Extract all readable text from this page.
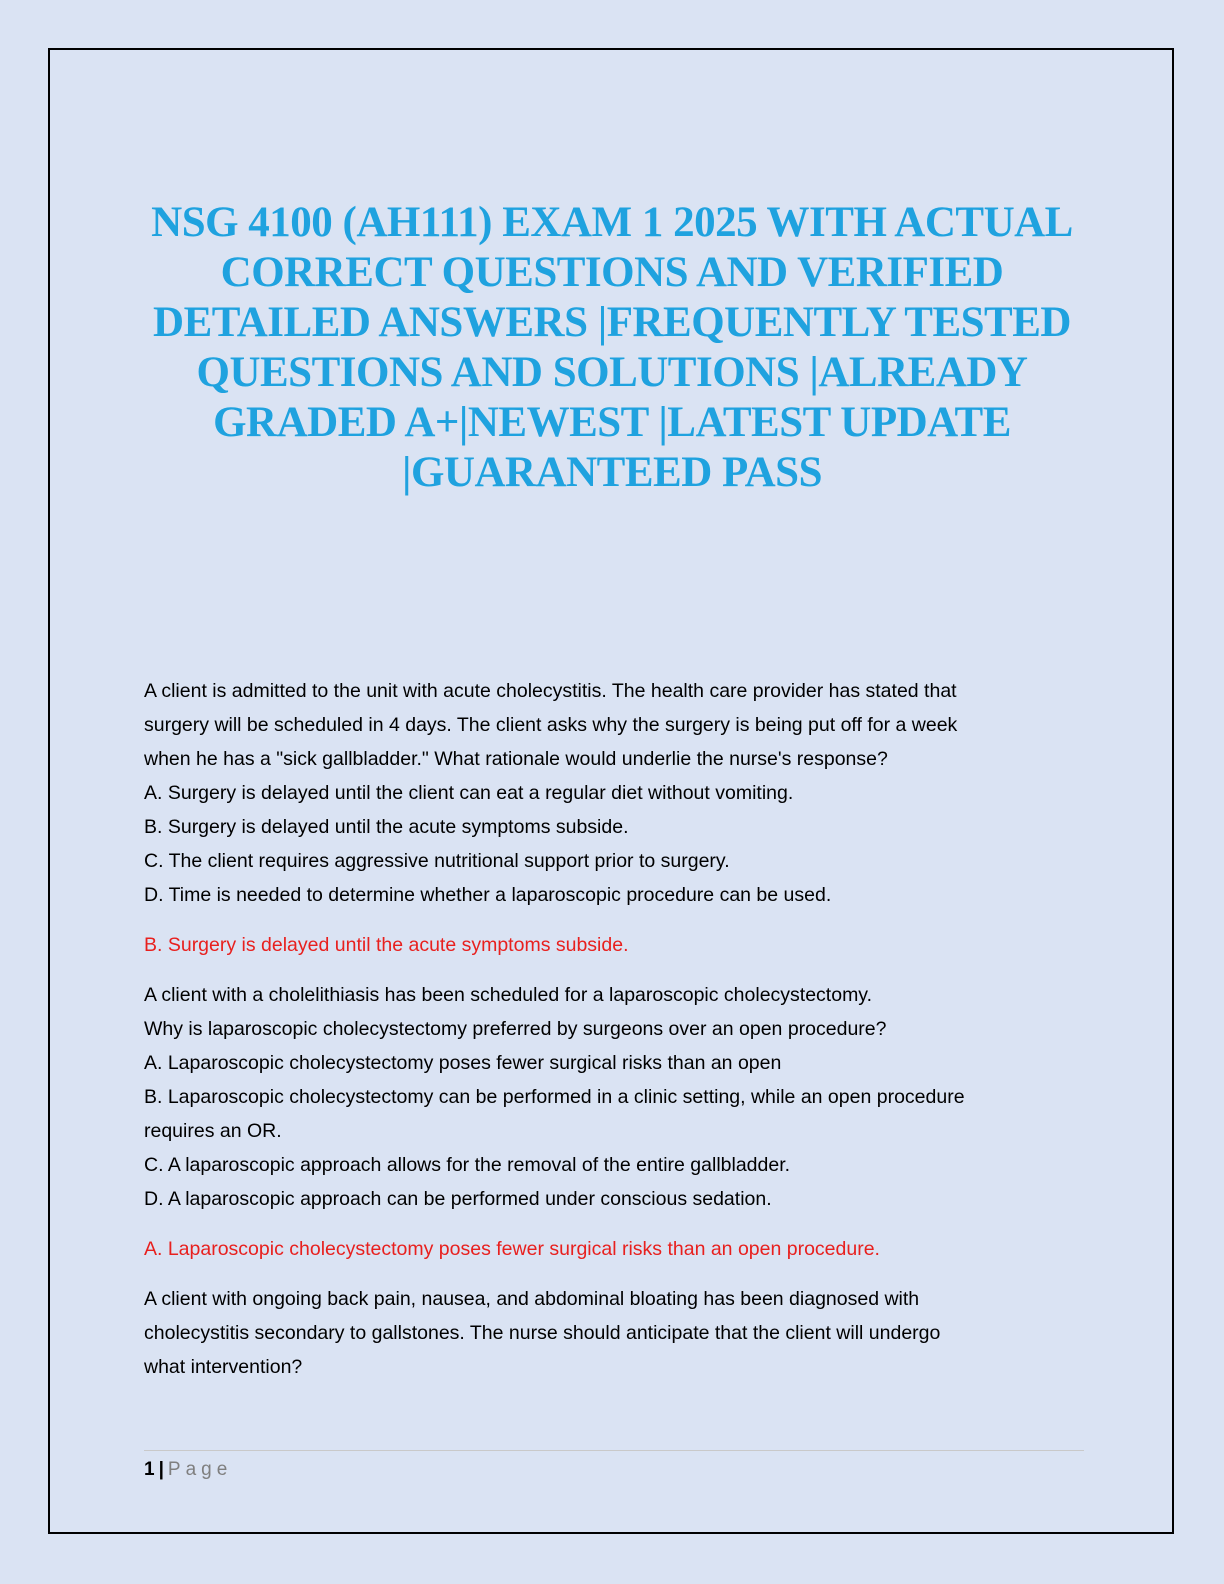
NSG 4100 (AH111) EXAM 1 2025 WITH ACTUAL CORRECT QUESTIONS AND VERIFIED DETAILED ANSWERS |FREQUENTLY TESTED QUESTIONS AND SOLUTIONS |ALREADY GRADED A+|NEWEST |LATEST UPDATE |GUARANTEED PASS

A client is admitted to the unit with acute cholecystitis. The health care provider has stated that

surgery will be scheduled in 4 days. The client asks why the surgery is being put off for a week

when he has a "sick gallbladder." What rationale would underlie the nurse's response?

A. Surgery is delayed until the client can eat a regular diet without vomiting.

B. Surgery is delayed until the acute symptoms subside.

C. The client requires aggressive nutritional support prior to surgery.

D. Time is needed to determine whether a laparoscopic procedure can be used.

B. Surgery is delayed until the acute symptoms subside.

A client with a cholelithiasis has been scheduled for a laparoscopic cholecystectomy.

Why is laparoscopic cholecystectomy preferred by surgeons over an open procedure?

A. Laparoscopic cholecystectomy poses fewer surgical risks than an open

B. Laparoscopic cholecystectomy can be performed in a clinic setting, while an open procedure

requires an OR.

C. A laparoscopic approach allows for the removal of the entire gallbladder.

D. A laparoscopic approach can be performed under conscious sedation.

A. Laparoscopic cholecystectomy poses fewer surgical risks than an open procedure.

A client with ongoing back pain, nausea, and abdominal bloating has been diagnosed with

cholecystitis secondary to gallstones. The nurse should anticipate that the client will undergo

what intervention?

1 | Page
